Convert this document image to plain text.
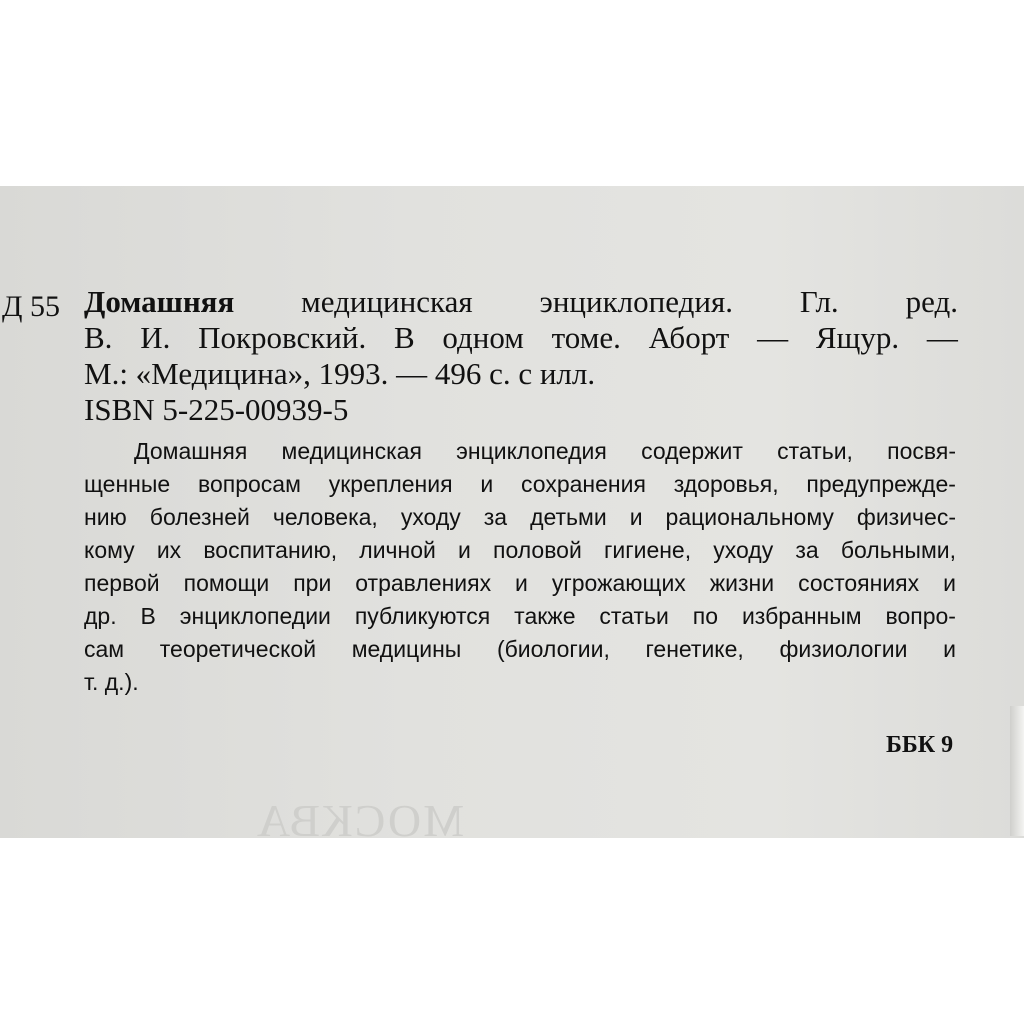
МОСКВА
Д 55 Домашняя медицинская энциклопедия. Гл. ред.
В. И. Покровский. В одном томе. Аборт — Ящур. —
М.: «Медицина», 1993. — 496 с. с илл.
ISBN 5-225-00939-5
Домашняя медицинская энциклопедия содержит статьи, посвя-
щенные вопросам укрепления и сохранения здоровья, предупрежде-
нию болезней человека, уходу за детьми и рациональному физичес-
кому их воспитанию, личной и половой гигиене, уходу за больными,
первой помощи при отравлениях и угрожающих жизни состояниях и
др. В энциклопедии публикуются также статьи по избранным вопро-
сам теоретической медицины (биологии, генетике, физиологии и
т. д.).
ББК 9
